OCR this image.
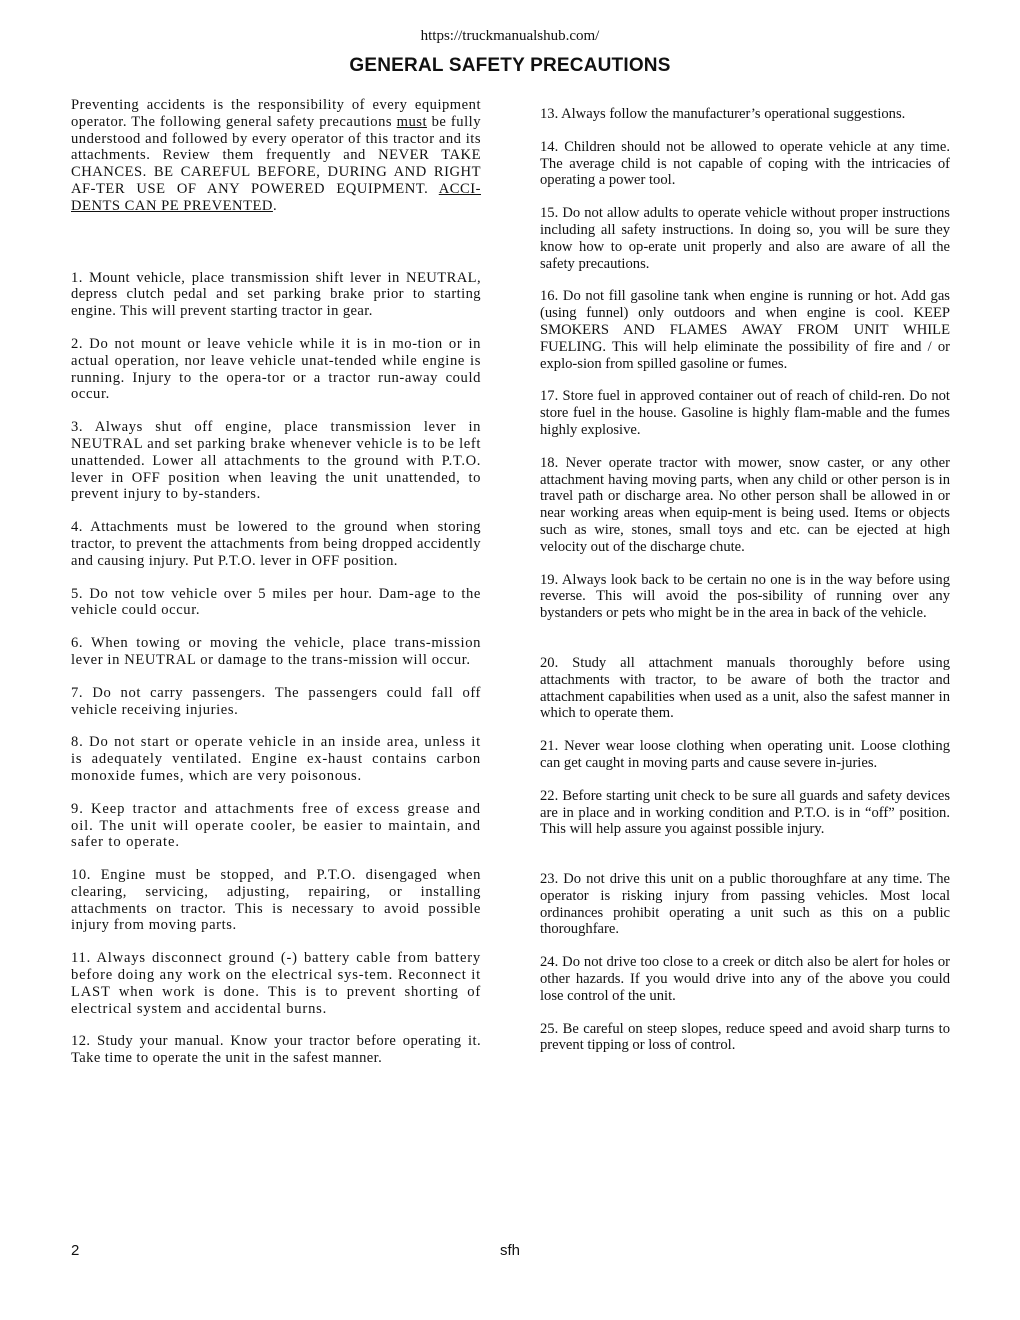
https://truckmanualshub.com/
GENERAL SAFETY PRECAUTIONS

Preventing accidents is the responsibility of every equipment operator. The following general safety precautions must be fully understood and followed by every operator of this tractor and its attachments. Review them frequently and NEVER TAKE CHANCES. BE CAREFUL BEFORE, DURING AND RIGHT AF-TER USE OF ANY POWERED EQUIPMENT. ACCI-DENTS CAN PE PREVENTED.

1. Mount vehicle, place transmission shift lever in NEUTRAL, depress clutch pedal and set parking brake prior to starting engine. This will prevent starting tractor in gear.

2. Do not mount or leave vehicle while it is in mo-tion or in actual operation, nor leave vehicle unat-tended while engine is running. Injury to the opera-tor or a tractor run-away could occur.

3. Always shut off engine, place transmission lever in NEUTRAL and set parking brake whenever vehicle is to be left unattended. Lower all attachments to the ground with P.T.O. lever in OFF position when leaving the unit unattended, to prevent injury to by-standers.

4. Attachments must be lowered to the ground when storing tractor, to prevent the attachments from being dropped accidently and causing injury. Put P.T.O. lever in OFF position.

5. Do not tow vehicle over 5 miles per hour. Dam-age to the vehicle could occur.

6. When towing or moving the vehicle, place trans-mission lever in NEUTRAL or damage to the trans-mission will occur.

7. Do not carry passengers. The passengers could fall off vehicle receiving injuries.

8. Do not start or operate vehicle in an inside area, unless it is adequately ventilated. Engine ex-haust contains carbon monoxide fumes, which are very poisonous.

9. Keep tractor and attachments free of excess grease and oil. The unit will operate cooler, be easier to maintain, and safer to operate.

10. Engine must be stopped, and P.T.O. disengaged when clearing, servicing, adjusting, repairing, or installing attachments on tractor. This is necessary to avoid possible injury from moving parts.

11. Always disconnect ground (-) battery cable from battery before doing any work on the electrical sys-tem. Reconnect it LAST when work is done. This is to prevent shorting of electrical system and accidental burns.

12. Study your manual. Know your tractor before operating it. Take time to operate the unit in the safest manner.

13. Always follow the manufacturer’s operational suggestions.

14. Children should not be allowed to operate vehicle at any time. The average child is not capable of coping with the intricacies of operating a power tool.

15. Do not allow adults to operate vehicle without proper instructions including all safety instructions. In doing so, you will be sure they know how to op-erate unit properly and also are aware of all the safety precautions.

16. Do not fill gasoline tank when engine is running or hot. Add gas (using funnel) only outdoors and when engine is cool. KEEP SMOKERS AND FLAMES AWAY FROM UNIT WHILE FUELING. This will help eliminate the possibility of fire and / or explo-sion from spilled gasoline or fumes.

17. Store fuel in approved container out of reach of child-ren. Do not store fuel in the house. Gasoline is highly flam-mable and the fumes highly explosive.

18. Never operate tractor with mower, snow caster, or any other attachment having moving parts, when any child or other person is in travel path or discharge area. No other person shall be allowed in or near working areas when equip-ment is being used. Items or objects such as wire, stones, small toys and etc. can be ejected at high velocity out of the discharge chute.

19. Always look back to be certain no one is in the way before using reverse. This will avoid the pos-sibility of running over any bystanders or pets who might be in the area in back of the vehicle.

20. Study all attachment manuals thoroughly before using attachments with tractor, to be aware of both the tractor and attachment capabilities when used as a unit, also the safest manner in which to operate them.

21. Never wear loose clothing when operating unit. Loose clothing can get caught in moving parts and cause severe in-juries.

22. Before starting unit check to be sure all guards and safety devices are in place and in working condition and P.T.O. is in “off” position. This will help assure you against possible injury.

23. Do not drive this unit on a public thoroughfare at any time. The operator is risking injury from passing vehicles. Most local ordinances prohibit operating a unit such as this on a public thoroughfare.

24. Do not drive too close to a creek or ditch also be alert for holes or other hazards. If you would drive into any of the above you could lose control of the unit.

25. Be careful on steep slopes, reduce speed and avoid sharp turns to prevent tipping or loss of control.

2	sfh
